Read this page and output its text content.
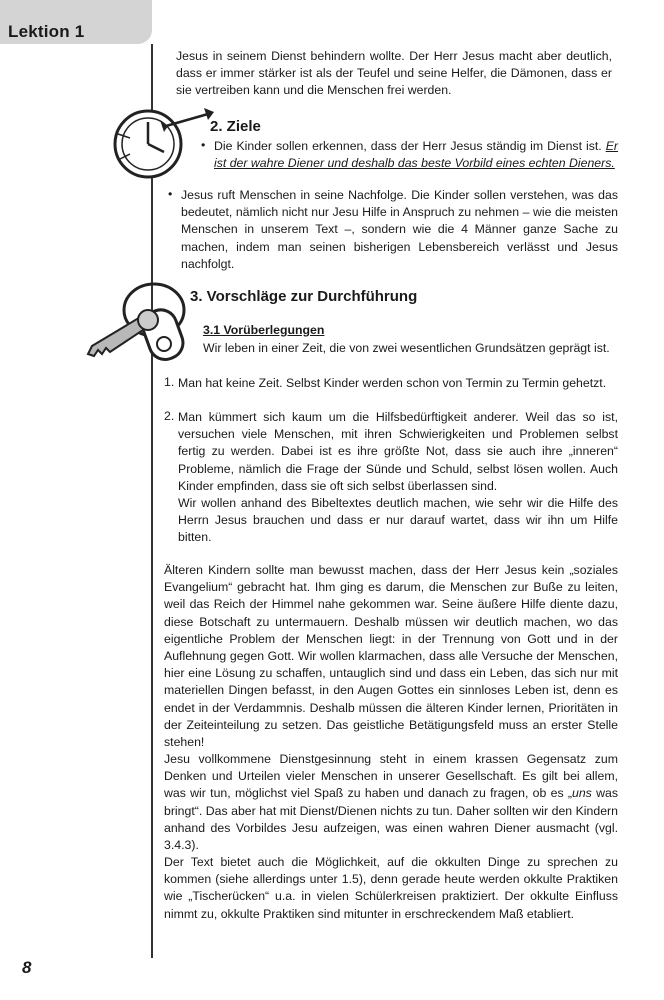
Lektion 1

Jesus in seinem Dienst behindern wollte. Der Herr Jesus macht aber deutlich, dass er immer stärker ist als der Teufel und seine Helfer, die Dämonen, dass er sie vertreiben kann und die Menschen frei werden.

2. Ziele
• Die Kinder sollen erkennen, dass der Herr Jesus ständig im Dienst ist. Er ist der wahre Diener und deshalb das beste Vorbild eines echten Dieners.

• Jesus ruft Menschen in seine Nachfolge. Die Kinder sollen verstehen, was das bedeutet, nämlich nicht nur Jesu Hilfe in Anspruch zu nehmen – wie die meisten Menschen in unserem Text –, sondern wie die 4 Männer ganze Sache zu machen, indem man seinen bisherigen Lebensbereich verlässt und Jesus nachfolgt.

3. Vorschläge zur Durchführung
3.1 Vorüberlegungen

Wir leben in einer Zeit, die von zwei wesentlichen Grundsätzen geprägt ist.

1. Man hat keine Zeit. Selbst Kinder werden schon von Termin zu Termin gehetzt.

2. Man kümmert sich kaum um die Hilfsbedürftigkeit anderer. Weil das so ist, versuchen viele Menschen, mit ihren Schwierigkeiten und Problemen selbst fertig zu werden. Dabei ist es ihre größte Not, dass sie auch ihre „inneren“ Probleme, nämlich die Frage der Sünde und Schuld, selbst lösen wollen. Auch Kinder empfinden, dass sie oft sich selbst überlassen sind.

Wir wollen anhand des Bibeltextes deutlich machen, wie sehr wir die Hilfe des Herrn Jesus brauchen und dass er nur darauf wartet, dass wir ihn um Hilfe bitten.

Älteren Kindern sollte man bewusst machen, dass der Herr Jesus kein „soziales Evangelium“ gebracht hat. Ihm ging es darum, die Menschen zur Buße zu leiten, weil das Reich der Himmel nahe gekommen war. Seine äußere Hilfe diente dazu, diese Botschaft zu untermauern. Deshalb müssen wir deutlich machen, wo das eigentliche Problem der Menschen liegt: in der Trennung von Gott und in der Auflehnung gegen Gott. Wir wollen klarmachen, dass alle Versuche der Menschen, hier eine Lösung zu schaffen, untauglich sind und dass ein Leben, das sich nur mit materiellen Dingen befasst, in den Augen Gottes ein sinnloses Leben ist, denn es endet in der Verdammnis. Deshalb müssen die älteren Kinder lernen, Prioritäten in der Zeiteinteilung zu setzen. Das geistliche Betätigungsfeld muss an erster Stelle stehen!

Jesu vollkommene Dienstgesinnung steht in einem krassen Gegensatz zum Denken und Urteilen vieler Menschen in unserer Gesellschaft. Es gilt bei allem, was wir tun, möglichst viel Spaß zu haben und danach zu fragen, ob es „uns was bringt“. Das aber hat mit Dienst/Dienen nichts zu tun. Daher sollten wir den Kindern anhand des Vorbildes Jesu aufzeigen, was einen wahren Diener ausmacht (vgl. 3.4.3).

Der Text bietet auch die Möglichkeit, auf die okkulten Dinge zu sprechen zu kommen (siehe allerdings unter 1.5), denn gerade heute werden okkulte Praktiken wie „Tischerücken“ u.a. in vielen Schülerkreisen praktiziert. Der okkulte Einfluss nimmt zu, okkulte Praktiken sind mitunter in erschreckendem Maß etabliert.

8
